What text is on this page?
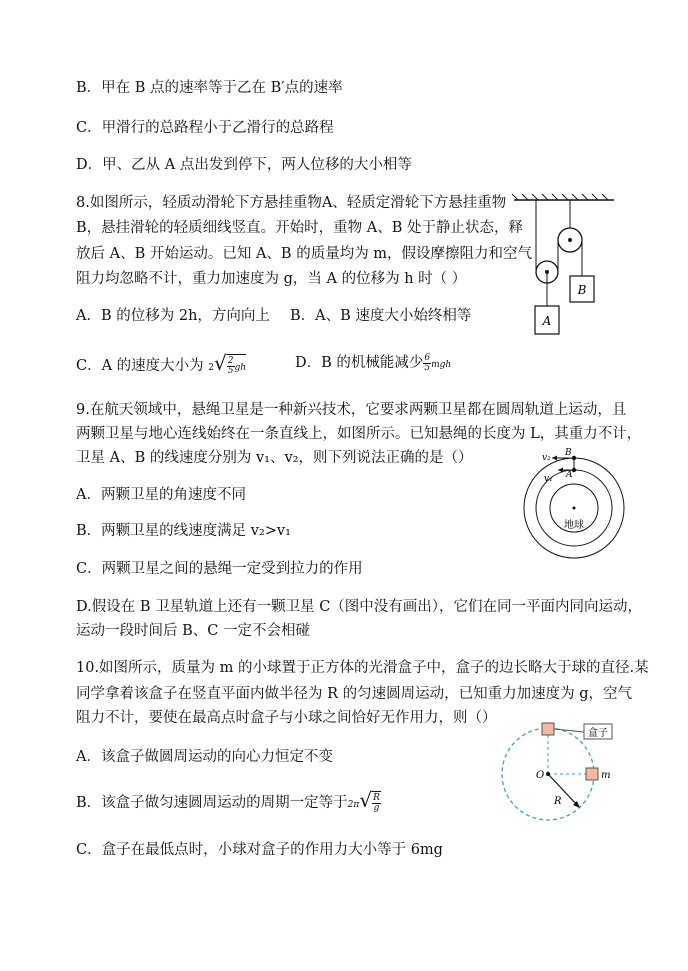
B．甲在 B 点的速率等于乙在 B′点的速率
C．甲滑行的总路程小于乙滑行的总路程
D．甲、乙从 A 点出发到停下，两人位移的大小相等
8.如图所示，轻质动滑轮下方悬挂重物A、轻质定滑轮下方悬挂重物
B，悬挂滑轮的轻质细线竖直。开始时，重物 A、B 处于静止状态，释
放后 A、B 开始运动。已知 A、B 的质量均为 m，假设摩擦阻力和空气
阻力均忽略不计，重力加速度为 g，当 A 的位移为 h 时（ ）
A．B 的位移为 2h，方向向上 B．A、B 速度大小始终相等
C．A 的速度大小为 $2√ \frac{2}{5}$ gh	D．B 的机械能减少 $\frac{6}{5}$ mgh
A
B
9.在航天领域中，悬绳卫星是一种新兴技术，它要求两颗卫星都在圆周轨道上运动，且
两颗卫星与地心连线始终在一条直线上，如图所示。已知悬绳的长度为 L，其重力不计，
卫星 A、B 的线速度分别为 v₁、v₂，则下列说法正确的是（）
A．两颗卫星的角速度不同
B．两颗卫星的线速度满足 v₂>v₁
C．两颗卫星之间的悬绳一定受到拉力的作用
D.假设在 B 卫星轨道上还有一颗卫星 C（图中没有画出），它们在同一平面内同向运动，
运动一段时间后 B、C 一定不会相碰
v₂
v₁
B
A
地球
10.如图所示，质量为 m 的小球置于正方体的光滑盒子中，盒子的边长略大于球的直径.某
同学拿着该盒子在竖直平面内做半径为 R 的匀速圆周运动，已知重力加速度为 g，空气
阻力不计，要使在最高点时盒子与小球之间恰好无作用力，则（）
A．该盒子做圆周运动的向心力恒定不变
B．该盒子做匀速圆周运动的周期一定等于$2\pi√ \frac{R}{g}$
C．盒子在最低点时，小球对盒子的作用力大小等于 6mg
盒子
O	m
R
